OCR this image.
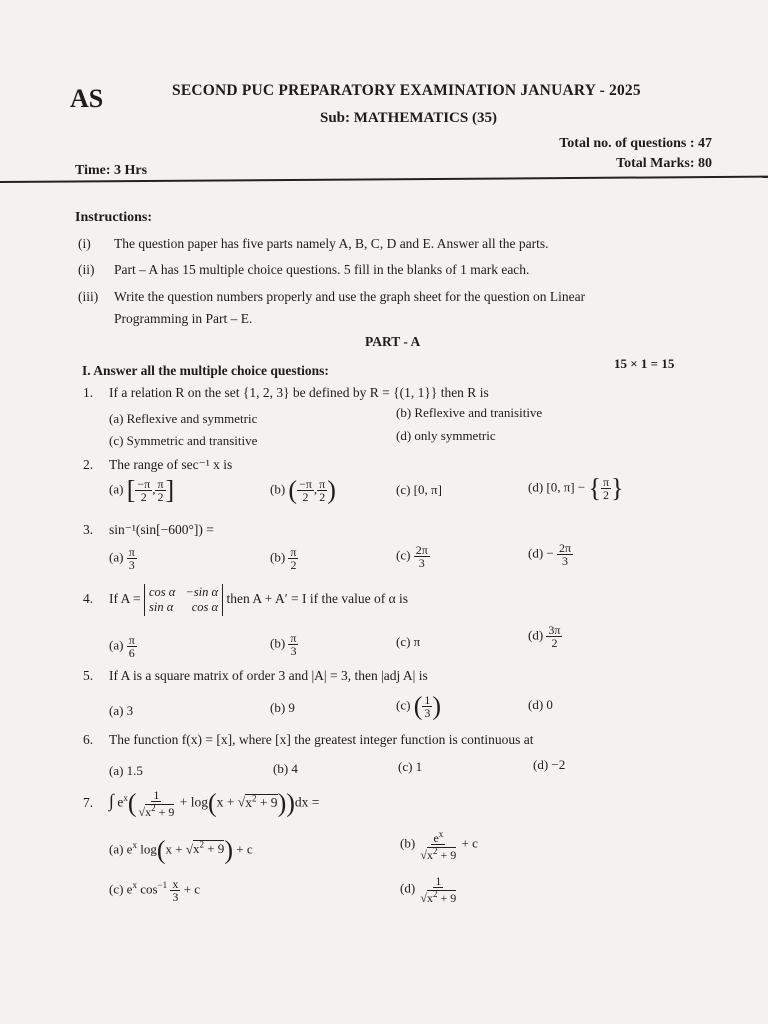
AS	SECOND PUC PREPARATORY EXAMINATION JANUARY - 2025
Sub: MATHEMATICS (35)
Total no. of questions : 47
Total Marks: 80
Time: 3 Hrs
Instructions:
(i) The question paper has five parts namely A, B, C, D and E. Answer all the parts.
(ii) Part – A has 15 multiple choice questions. 5 fill in the blanks of 1 mark each.
(iii) Write the question numbers properly and use the graph sheet for the question on Linear
Programming in Part – E.
PART - A
I. Answer all the multiple choice questions:	15 × 1 = 15
1. If a relation R on the set {1, 2, 3} be defined by R = {(1, 1}} then R is
(a) Reflexive and symmetric	(b) Reflexive and tranisitive
(c) Symmetric and transitive	(d) only symmetric
2. The range of sec⁻¹ x is
(a) [ $\frac{-\pi}{2}$ , $\frac{\pi}{2}$ ]	(b) ( $\frac{-\pi}{2}$ , $\frac{\pi}{2}$ )	(c) [0, π]	(d) [0, π] − { $\frac{\pi}{2}$ }
3. sin⁻¹(sin[−600°]) =
$(a) \frac{\pi}{3}$	$(b) \frac{\pi}{2}$	$(c) \frac{2\pi}{3}$	$(d) - \frac{2\pi}{3}$
4. If A = cos α −sin α
sin α cos α
then A + A′ = I if the value of α is
$(a) \frac{\pi}{6}$	$(b) \frac{\pi}{3}$	(c) π	$(d) \frac{3\pi}{2}$
5. If A is a square matrix of order 3 and |A| = 3, then |adj A| is
(a) 3	(b) 9	(c) ( $\frac{1}{3}$ )	(d) 0
6. The function f(x) = [x], where [x] the greatest integer function is continuous at
(a) 1.5	(b) 4	(c) 1	(d) −2
7. ∫ $e^x( \frac{1}{√x^2 + 9} + \log(x + √x^2 + 9))dx$ =
(a) $e^x$ $\log(x + √x^2 + 9) + c$	$(b) \frac{e^x}{√x^2 + 9} + c$
(c) $e^x$ $\cos^{-1} \frac{x}{3} + c$	$(d) \frac{1}{√x^2 + 9}$
